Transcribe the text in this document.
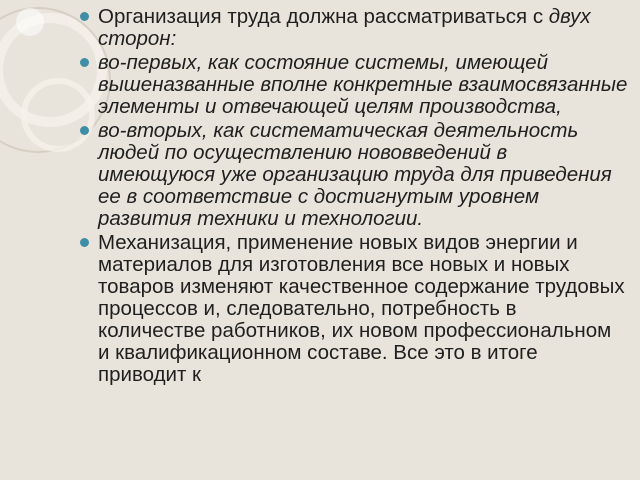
Организация труда должна рассматриваться с двух сторон:
во-первых, как состояние системы, имеющей вышеназванные вполне конкретные взаимосвязанные элементы и отвечающей целям производства,
во-вторых, как систематическая деятельность людей по осуществлению нововведений в имеющуюся уже организацию труда для приведения ее в соответствие с достигнутым уровнем развития техники и технологии.
Механизация, применение новых видов энергии и материалов для изготовления все новых и новых товаров изменяют качественное содержание трудовых процессов и, следовательно, потребность в количестве работников, их новом профессиональном и квалификационном составе. Все это в итоге приводит к
